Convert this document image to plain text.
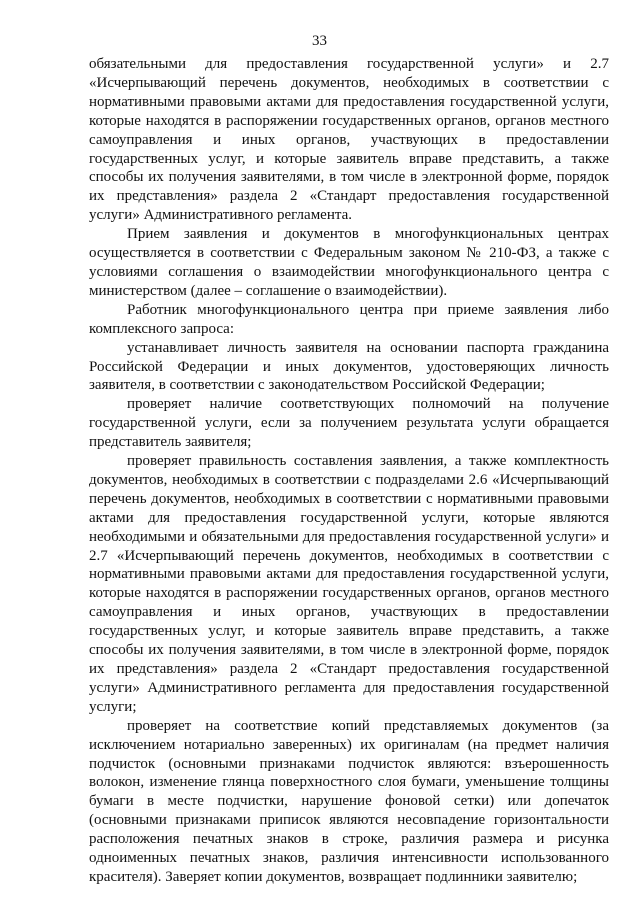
33

обязательными для предоставления государственной услуги» и 2.7 «Исчерпывающий перечень документов, необходимых в соответствии с нормативными правовыми актами для предоставления государственной услуги, которые находятся в распоряжении государственных органов, органов местного самоуправления и иных органов, участвующих в предоставлении государственных услуг, и которые заявитель вправе представить, а также способы их получения заявителями, в том числе в электронной форме, порядок их представления» раздела 2 «Стандарт предоставления государственной услуги» Административного регламента.

Прием заявления и документов в многофункциональных центрах осуществляется в соответствии с Федеральным законом № 210-ФЗ, а также с условиями соглашения о взаимодействии многофункционального центра с министерством (далее – соглашение о взаимодействии).

Работник многофункционального центра при приеме заявления либо комплексного запроса:

устанавливает личность заявителя на основании паспорта гражданина Российской Федерации и иных документов, удостоверяющих личность заявителя, в соответствии с законодательством Российской Федерации;

проверяет наличие соответствующих полномочий на получение государственной услуги, если за получением результата услуги обращается представитель заявителя;

проверяет правильность составления заявления, а также комплектность документов, необходимых в соответствии с подразделами 2.6 «Исчерпывающий перечень документов, необходимых в соответствии с нормативными правовыми актами для предоставления государственной услуги, которые являются необходимыми и обязательными для предоставления государственной услуги» и 2.7 «Исчерпывающий перечень документов, необходимых в соответствии с нормативными правовыми актами для предоставления государственной услуги, которые находятся в распоряжении государственных органов, органов местного самоуправления и иных органов, участвующих в предоставлении государственных услуг, и которые заявитель вправе представить, а также способы их получения заявителями, в том числе в электронной форме, порядок их представления» раздела 2 «Стандарт предоставления государственной услуги» Административного регламента для предоставления государственной услуги;

проверяет на соответствие копий представляемых документов (за исключением нотариально заверенных) их оригиналам (на предмет наличия подчисток (основными признаками подчисток являются: взъерошенность волокон, изменение глянца поверхностного слоя бумаги, уменьшение толщины бумаги в месте подчистки, нарушение фоновой сетки) или допечаток (основными признаками приписок являются несовпадение горизонтальности расположения печатных знаков в строке, различия размера и рисунка одноименных печатных знаков, различия интенсивности использованного красителя). Заверяет копии документов, возвращает подлинники заявителю;
